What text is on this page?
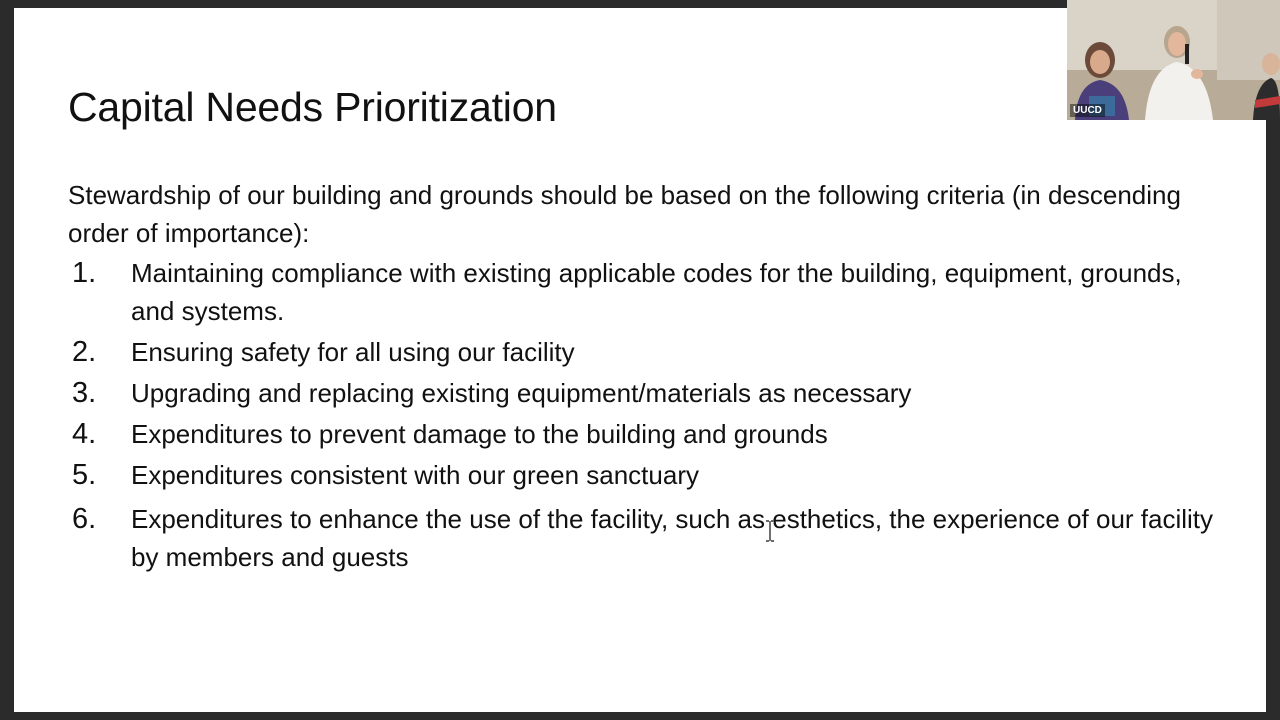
Capital Needs Prioritization

Stewardship of our building and grounds should be based on the following criteria (in descending order of importance):

1.	Maintaining compliance with existing applicable codes for the building, equipment, grounds, and systems.
2.	Ensuring safety for all using our facility
3.	Upgrading and replacing existing equipment/materials as necessary
4.	Expenditures to prevent damage to the building and grounds
5.	Expenditures consistent with our green sanctuary
6.	Expenditures to enhance the use of the facility, such as esthetics, the experience of our facility by members and guests
UUCD
